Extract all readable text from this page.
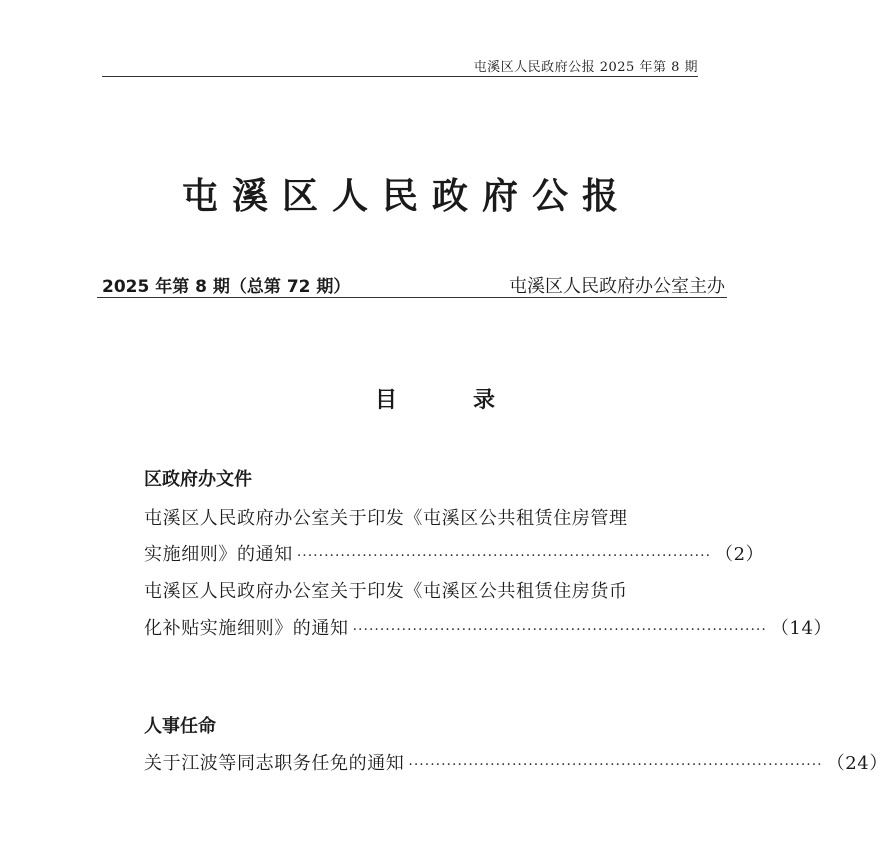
屯溪区人民政府公报 2025 年第 8 期
屯溪区人民政府公报
2025 年第 8 期（总第 72 期）	屯溪区人民政府办公室主办
目	录
区政府办文件
屯溪区人民政府办公室关于印发《屯溪区公共租赁住房管理
实施细则》的通知 ············································································ （2）
屯溪区人民政府办公室关于印发《屯溪区公共租赁住房货币
化补贴实施细则》的通知 ············································································ （14）
人事任命
关于江波等同志职务任免的通知 ············································································ （24）
